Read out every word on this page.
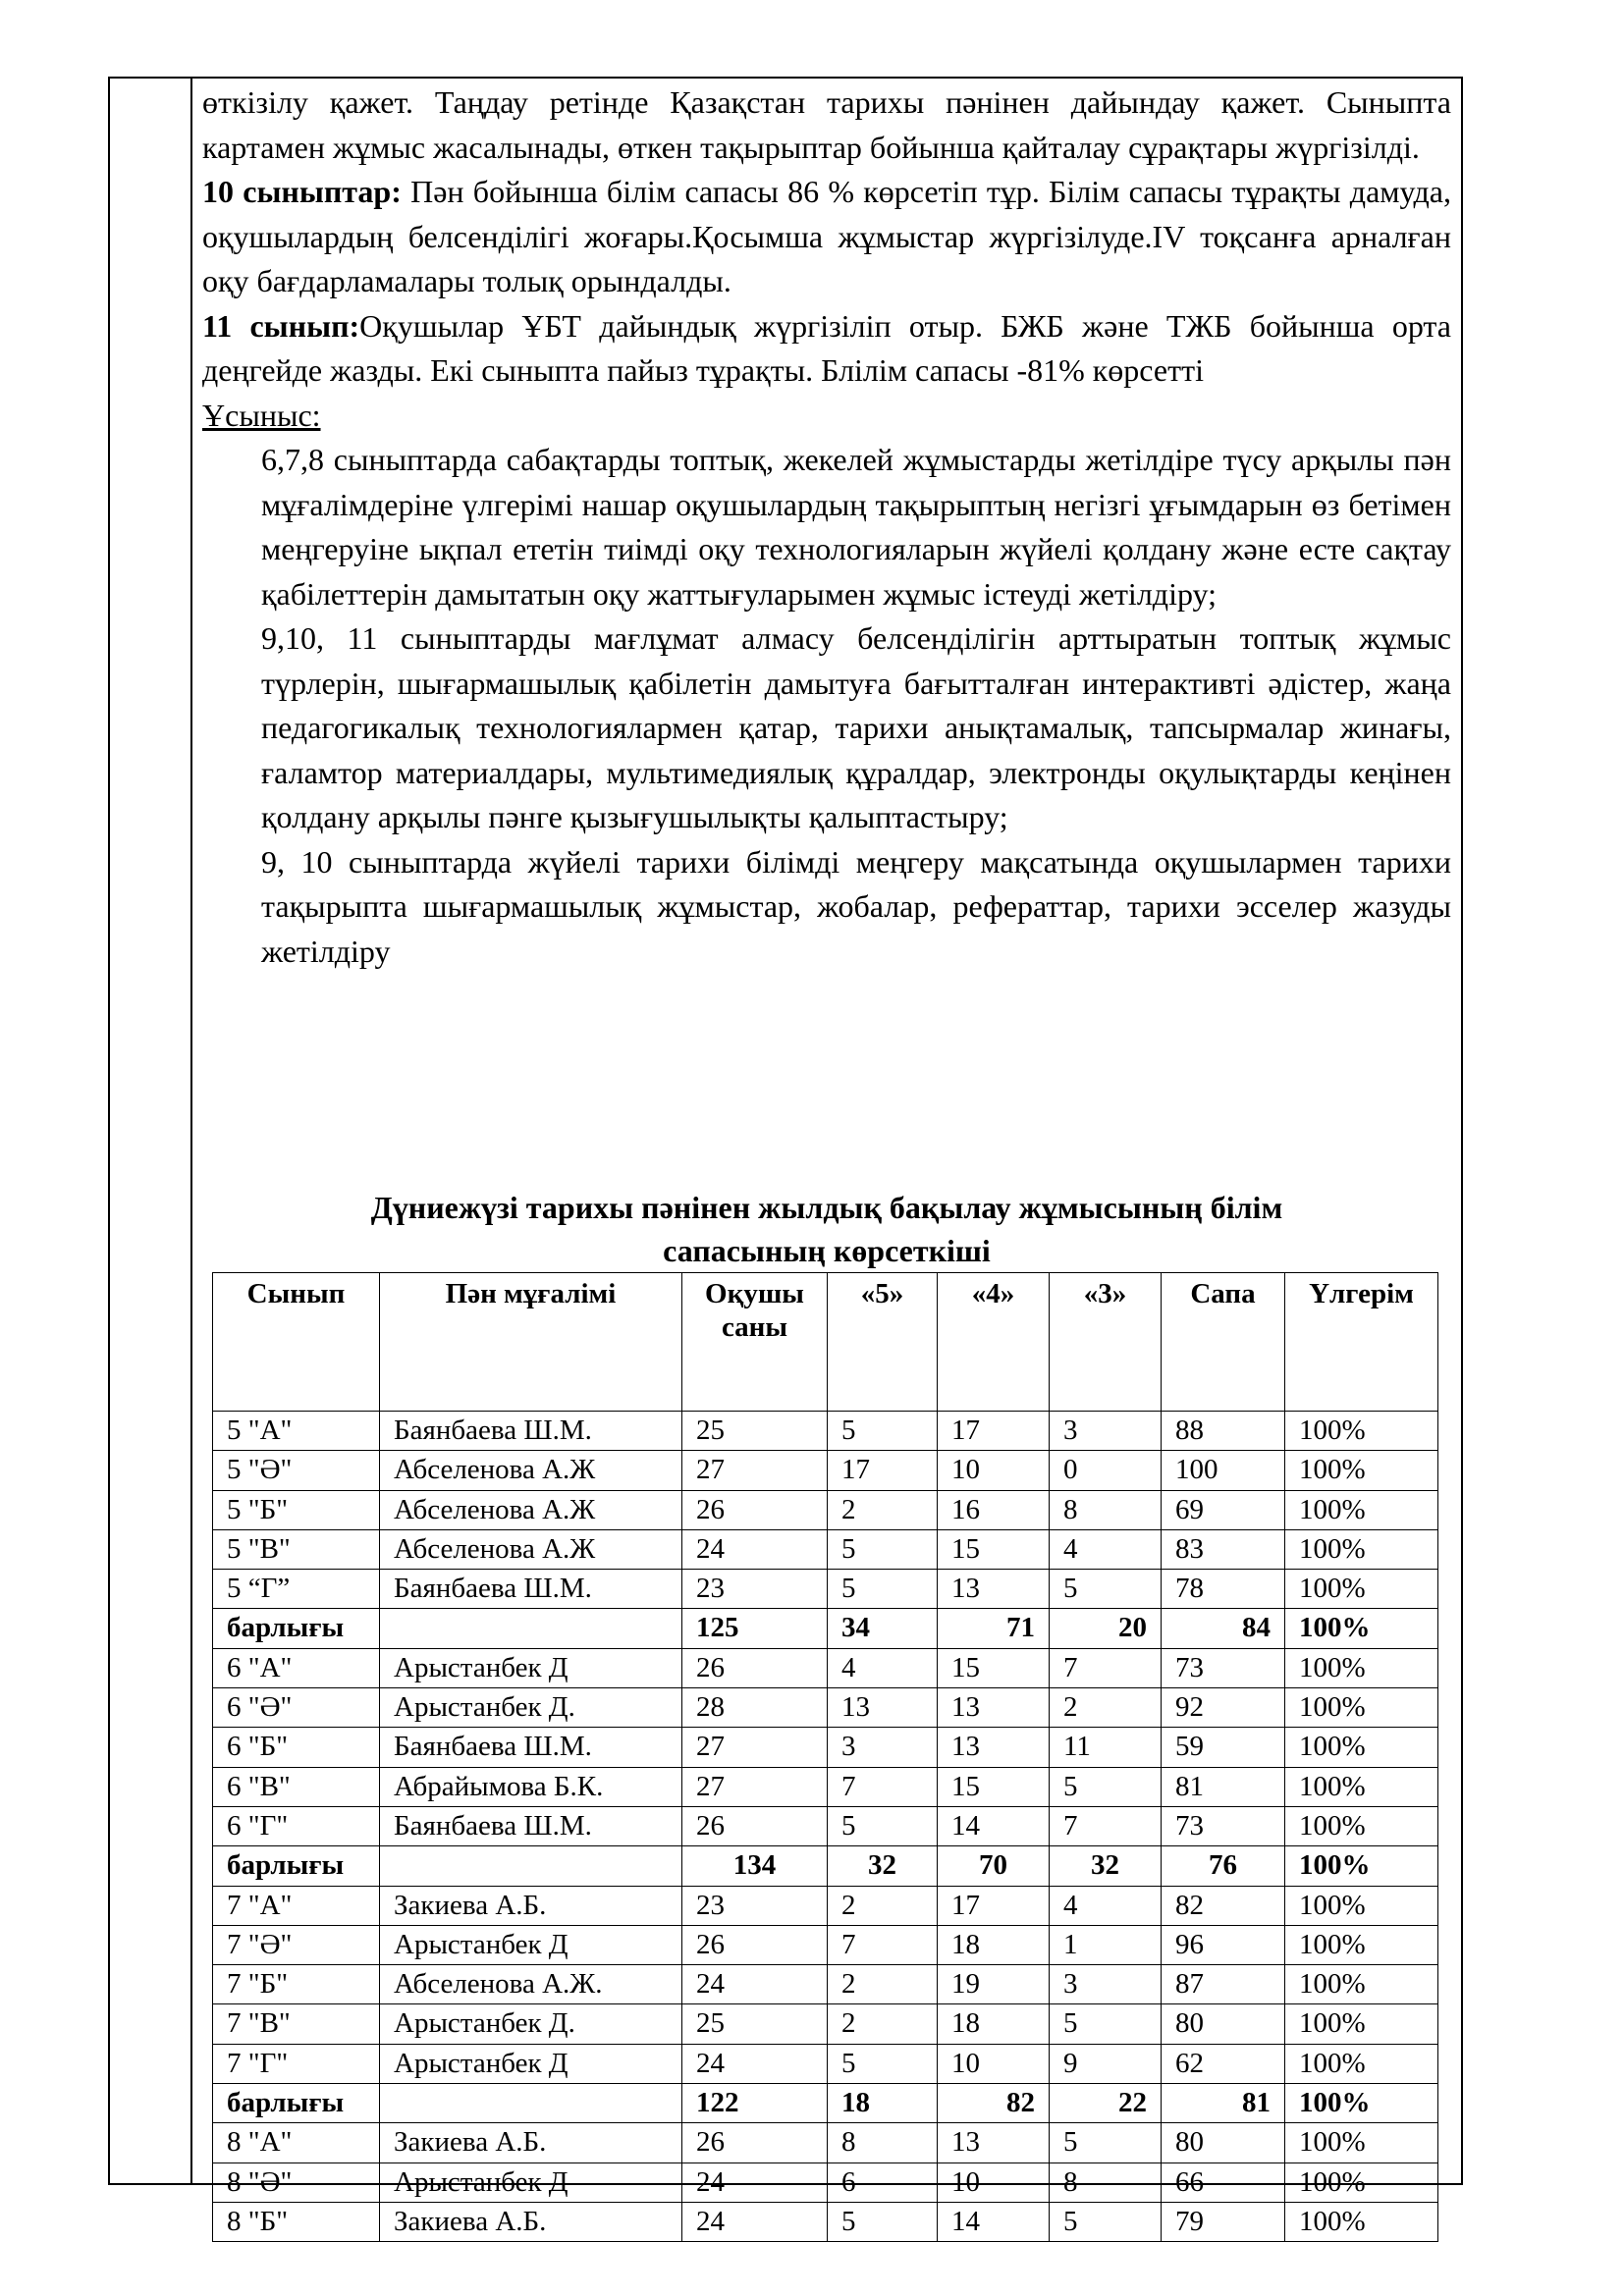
өткізілу қажет. Таңдау ретінде Қазақстан тарихы пәнінен дайындау қажет. Сыныпта картамен жұмыс жасалынады, өткен тақырыптар бойынша қайталау сұрақтары жүргізілді.

10 сыныптар: Пән бойынша білім сапасы 86 % көрсетіп тұр. Білім сапасы тұрақты дамуда, оқушылардың белсенділігі жоғары.Қосымша жұмыстар жүргізілуде.IV тоқсанға арналған оқу бағдарламалары толық орындалды.

11 сынып:Оқушылар ҰБТ дайындық жүргізіліп отыр. БЖБ және ТЖБ бойынша орта деңгейде жазды. Екі сыныпта пайыз тұрақты. Блілім сапасы -81% көрсетті

Ұсыныс:

6,7,8 сыныптарда сабақтарды топтық, жекелей жұмыстарды жетілдіре түсу арқылы пән мұғалімдеріне үлгерімі нашар оқушылардың тақырыптың негізгі ұғымдарын өз бетімен меңгеруіне ықпал ететін тиімді оқу технологияларын жүйелі қолдану және есте сақтау қабілеттерін дамытатын оқу жаттығуларымен жұмыс істеуді жетілдіру;

9,10, 11 сыныптарды мағлұмат алмасу белсенділігін арттыратын топтық жұмыс түрлерін, шығармашылық қабілетін дамытуға бағытталған интерактивті әдістер, жаңа педагогикалық технологиялармен қатар, тарихи анықтамалық, тапсырмалар жинағы, ғаламтор материалдары, мультимедиялық құралдар, электронды оқулықтарды кеңінен қолдану арқылы пәнге қызығушылықты қалыптастыру;

9, 10 сыныптарда жүйелі тарихи білімді меңгеру мақсатында оқушылармен тарихи тақырыпта шығармашылық жұмыстар, жобалар, рефераттар, тарихи эсселер жазуды жетілдіру

Дүниежүзі тарихы пәнінен жылдық бақылау жұмысының білім
сапасының көрсеткіші
Сынып	Пән мұғалімі	Оқушы саны	«5»	«4»	«3»	Сапа	Үлгерім
5 "А"	Баянбаева Ш.М.	25	5	17	3	88	100%
5 "Ә"	Абселенова А.Ж	27	17	10	0	100	100%
5 "Б"	Абселенова А.Ж	26	2	16	8	69	100%
5 "В"	Абселенова А.Ж	24	5	15	4	83	100%
5 “Г”	Баянбаева Ш.М.	23	5	13	5	78	100%
барлығы		125	34	71	20	84	100%
6 "А"	Арыстанбек Д	26	4	15	7	73	100%
6 "Ә"	Арыстанбек Д.	28	13	13	2	92	100%
6 "Б"	Баянбаева Ш.М.	27	3	13	11	59	100%
6 "В"	Абрайымова Б.К.	27	7	15	5	81	100%
6 "Г"	Баянбаева Ш.М.	26	5	14	7	73	100%
барлығы		134	32	70	32	76	100%
7 "А"	Закиева А.Б.	23	2	17	4	82	100%
7 "Ә"	Арыстанбек Д	26	7	18	1	96	100%
7 "Б"	Абселенова А.Ж.	24	2	19	3	87	100%
7 "В"	Арыстанбек Д.	25	2	18	5	80	100%
7 "Г"	Арыстанбек Д	24	5	10	9	62	100%
барлығы		122	18	82	22	81	100%
8 "А"	Закиева А.Б.	26	8	13	5	80	100%
8 "Ә"	Арыстанбек Д	24	6	10	8	66	100%
8 "Б"	Закиева А.Б.	24	5	14	5	79	100%
